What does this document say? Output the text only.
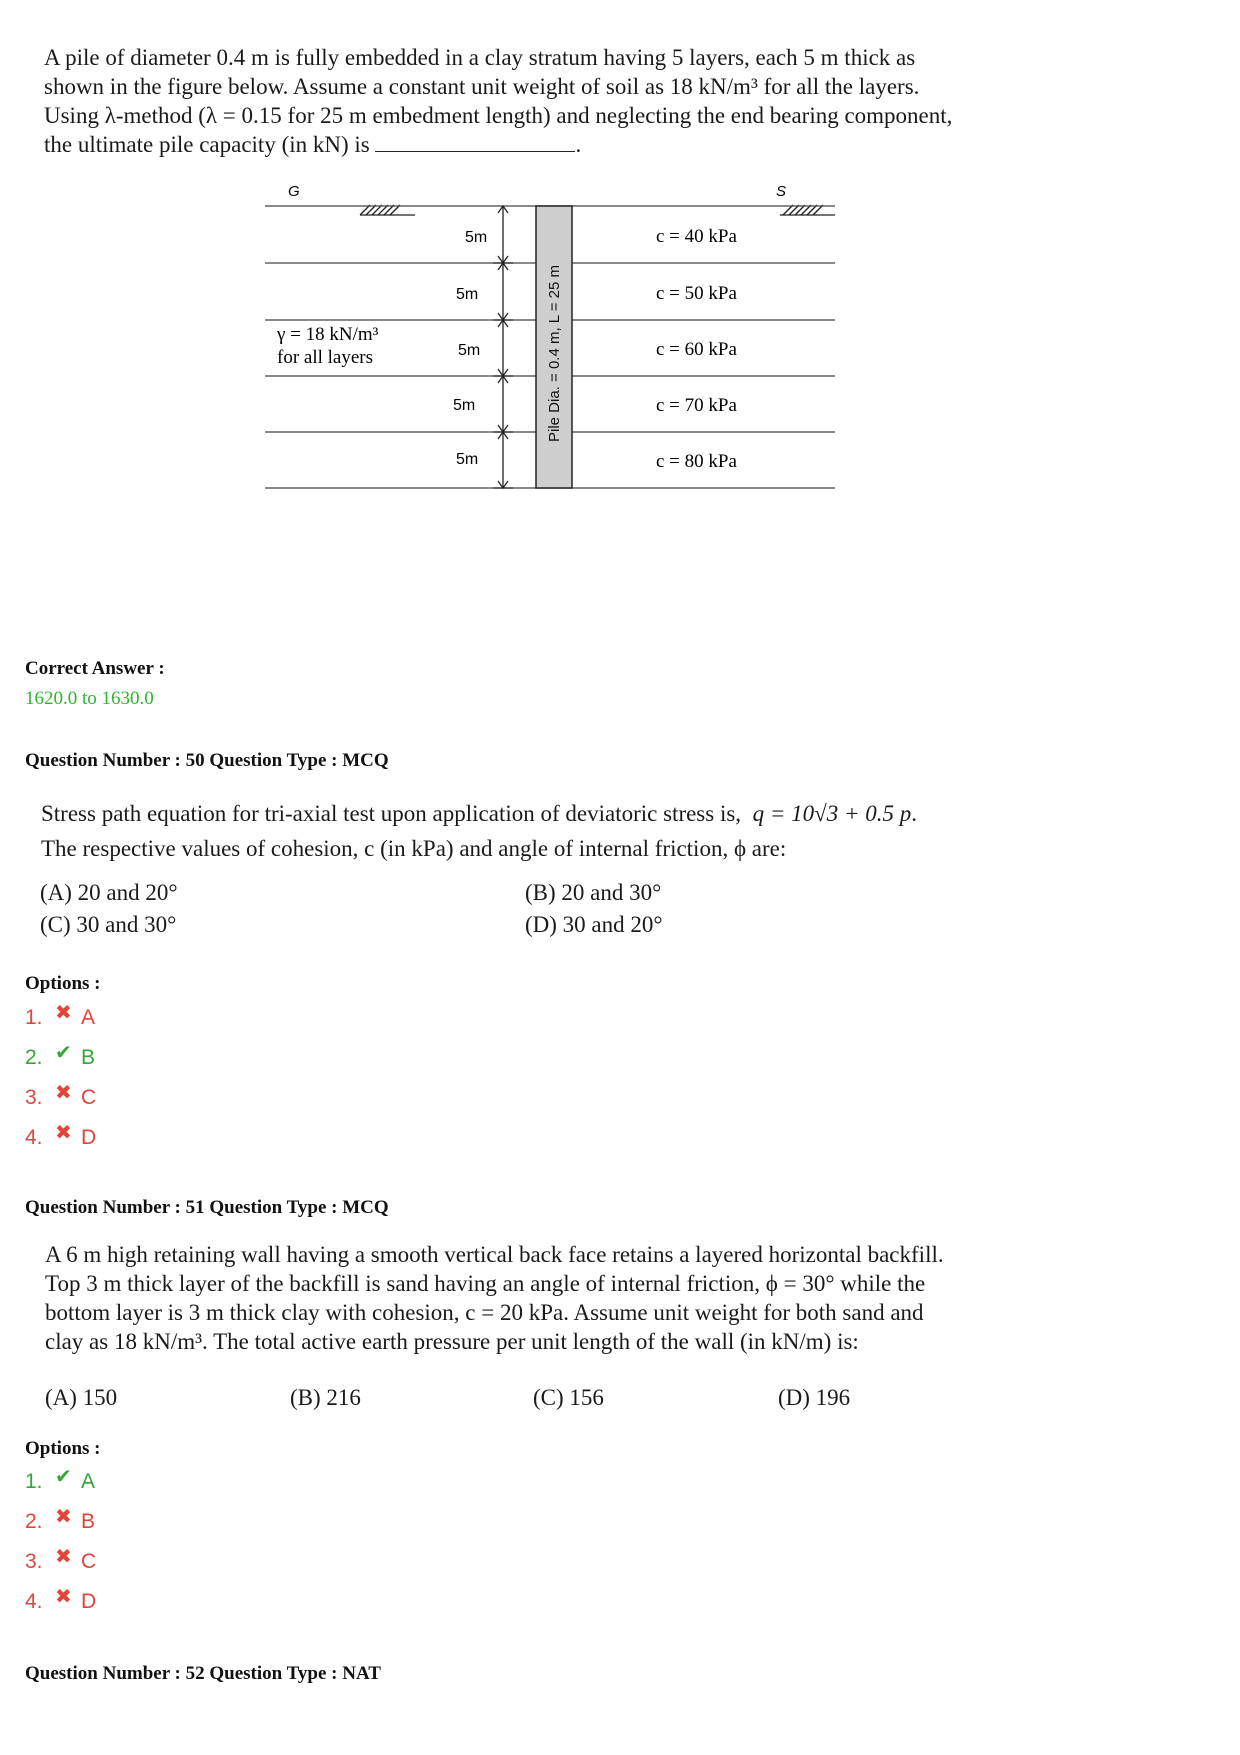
A pile of diameter 0.4 m is fully embedded in a clay stratum having 5 layers, each 5 m thick as

shown in the figure below. Assume a constant unit weight of soil as 18 kN/m³ for all the layers.

Using λ-method (λ = 0.15 for 25 m embedment length) and neglecting the end bearing component,

the ultimate pile capacity (in kN) is	.

G	S
Pile Dia. = 0.4 m, L = 25 m
5m
5m
5m
5m
5m
c = 40 kPa
c = 50 kPa
c = 60 kPa
c = 70 kPa
c = 80 kPa
γ = 18 kN/m³
for all layers
Correct Answer :
1620.0 to 1630.0
Question Number : 50 Question Type : MCQ

Stress path equation for tri-axial test upon application of deviatoric stress is, q = 10√3 + 0.5 p.

The respective values of cohesion, c (in kPa) and angle of internal friction, ϕ are:

(A) 20 and 20°	(B) 20 and 30°
(C) 30 and 30°	(D) 30 and 20°
Options :
1. ✖ A
2. ✔ B
3. ✖ C
4. ✖ D
Question Number : 51 Question Type : MCQ

A 6 m high retaining wall having a smooth vertical back face retains a layered horizontal backfill.

Top 3 m thick layer of the backfill is sand having an angle of internal friction, ϕ = 30° while the

bottom layer is 3 m thick clay with cohesion, c = 20 kPa. Assume unit weight for both sand and

clay as 18 kN/m³. The total active earth pressure per unit length of the wall (in kN/m) is:

(A) 150	(B) 216	(C) 156	(D) 196
Options :
1. ✔ A
2. ✖ B
3. ✖ C
4. ✖ D
Question Number : 52 Question Type : NAT
